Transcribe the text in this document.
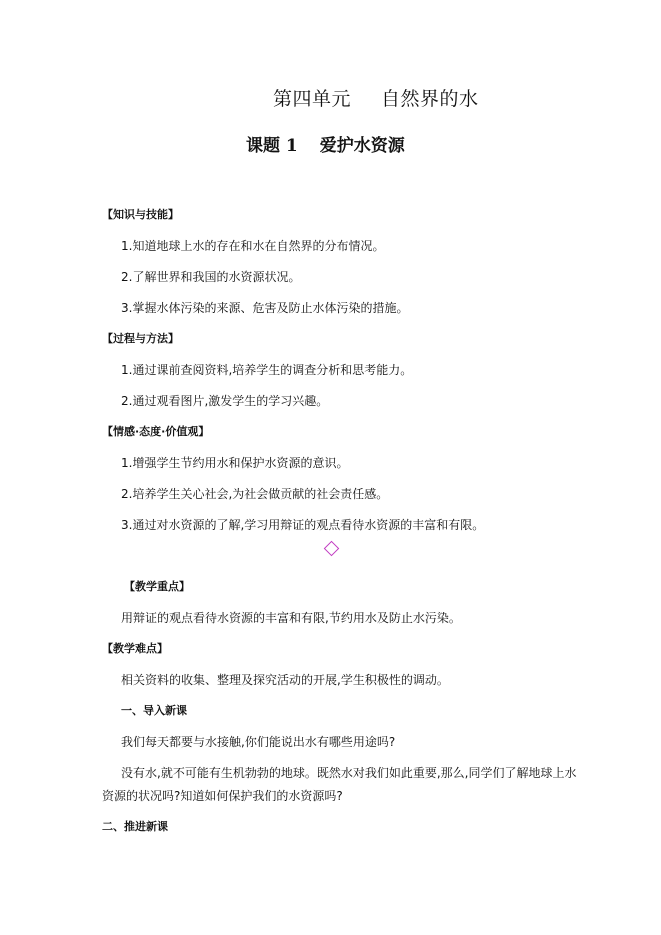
第四单元 自然界的水
课题 1 爱护水资源
【知识与技能】
1.知道地球上水的存在和水在自然界的分布情况。
2.了解世界和我国的水资源状况。
3.掌握水体污染的来源、危害及防止水体污染的措施。
【过程与方法】
1.通过课前查阅资料,培养学生的调查分析和思考能力。
2.通过观看图片,激发学生的学习兴趣。
【情感·态度·价值观】
1.增强学生节约用水和保护水资源的意识。
2.培养学生关心社会,为社会做贡献的社会责任感。
3.通过对水资源的了解,学习用辩证的观点看待水资源的丰富和有限。
【教学重点】
用辩证的观点看待水资源的丰富和有限,节约用水及防止水污染。
【教学难点】
相关资料的收集、整理及探究活动的开展,学生积极性的调动。
一、导入新课
我们每天都要与水接触,你们能说出水有哪些用途吗?
没有水,就不可能有生机勃勃的地球。既然水对我们如此重要,那么,同学们了解地球上水
资源的状况吗?知道如何保护我们的水资源吗?
二、推进新课
